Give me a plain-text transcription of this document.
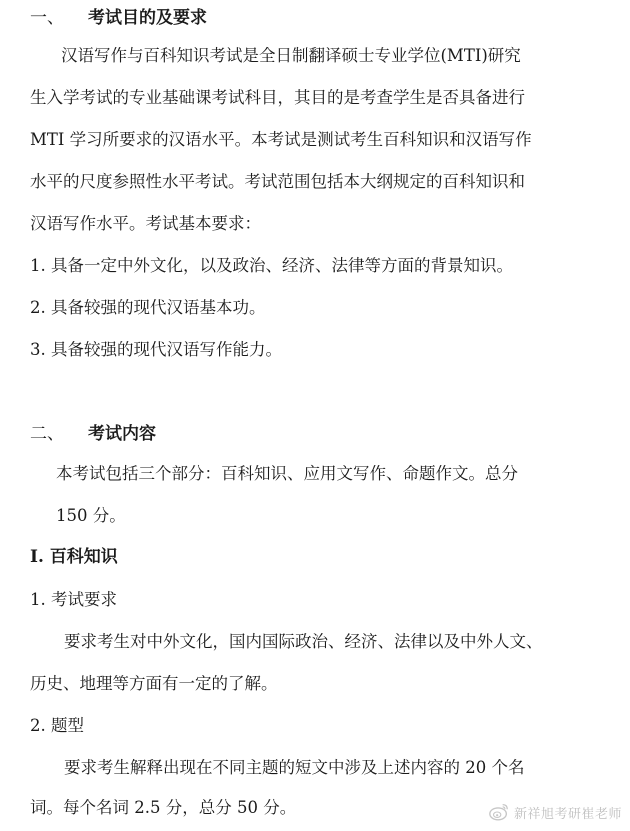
一、 考试目的及要求
汉语写作与百科知识考试是全日制翻译硕士专业学位(MTI)研究
生入学考试的专业基础课考试科目，其目的是考查学生是否具备进行
MTI 学习所要求的汉语水平。本考试是测试考生百科知识和汉语写作
水平的尺度参照性水平考试。考试范围包括本大纲规定的百科知识和
汉语写作水平。考试基本要求：
1. 具备一定中外文化，以及政治、经济、法律等方面的背景知识。
2. 具备较强的现代汉语基本功。
3. 具备较强的现代汉语写作能力。
二、 考试内容
本考试包括三个部分：百科知识、应用文写作、命题作文。总分
150 分。
I. 百科知识
1. 考试要求
要求考生对中外文化，国内国际政治、经济、法律以及中外人文、
历史、地理等方面有一定的了解。
2. 题型
要求考生解释出现在不同主题的短文中涉及上述内容的 20 个名
词。每个名词 2.5 分，总分 50 分。	新祥旭考研崔老师
